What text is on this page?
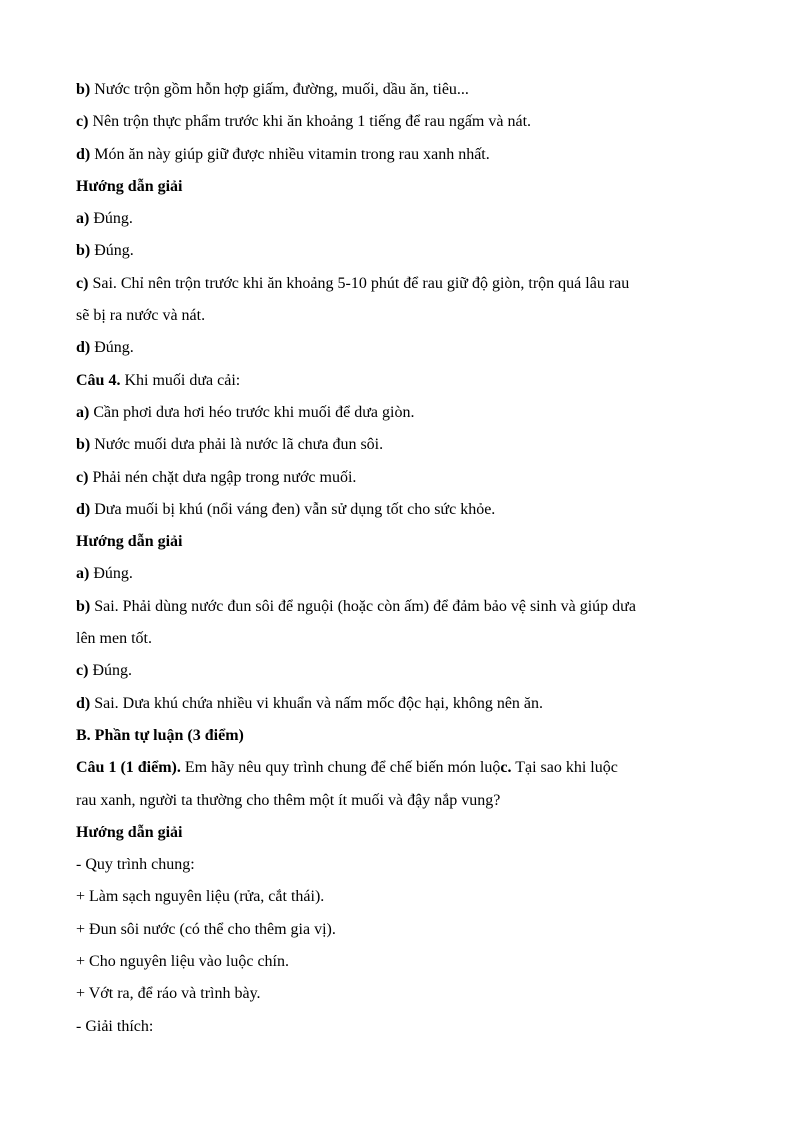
b) Nước trộn gồm hỗn hợp giấm, đường, muối, dầu ăn, tiêu...
c) Nên trộn thực phẩm trước khi ăn khoảng 1 tiếng để rau ngấm và nát.
d) Món ăn này giúp giữ được nhiều vitamin trong rau xanh nhất.
Hướng dẫn giải
a) Đúng.
b) Đúng.
c) Sai. Chỉ nên trộn trước khi ăn khoảng 5-10 phút để rau giữ độ giòn, trộn quá lâu rau
sẽ bị ra nước và nát.
d) Đúng.
Câu 4. Khi muối dưa cải:
a) Cần phơi dưa hơi héo trước khi muối để dưa giòn.
b) Nước muối dưa phải là nước lã chưa đun sôi.
c) Phải nén chặt dưa ngập trong nước muối.
d) Dưa muối bị khú (nổi váng đen) vẫn sử dụng tốt cho sức khỏe.
Hướng dẫn giải
a) Đúng.
b) Sai. Phải dùng nước đun sôi để nguội (hoặc còn ấm) để đảm bảo vệ sinh và giúp dưa
lên men tốt.
c) Đúng.
d) Sai. Dưa khú chứa nhiều vi khuẩn và nấm mốc độc hại, không nên ăn.
B. Phần tự luận (3 điểm)
Câu 1 (1 điểm). Em hãy nêu quy trình chung để chế biến món luộc. Tại sao khi luộc
rau xanh, người ta thường cho thêm một ít muối và đậy nắp vung?
Hướng dẫn giải
- Quy trình chung:
+ Làm sạch nguyên liệu (rửa, cắt thái).
+ Đun sôi nước (có thể cho thêm gia vị).
+ Cho nguyên liệu vào luộc chín.
+ Vớt ra, để ráo và trình bày.
- Giải thích:
